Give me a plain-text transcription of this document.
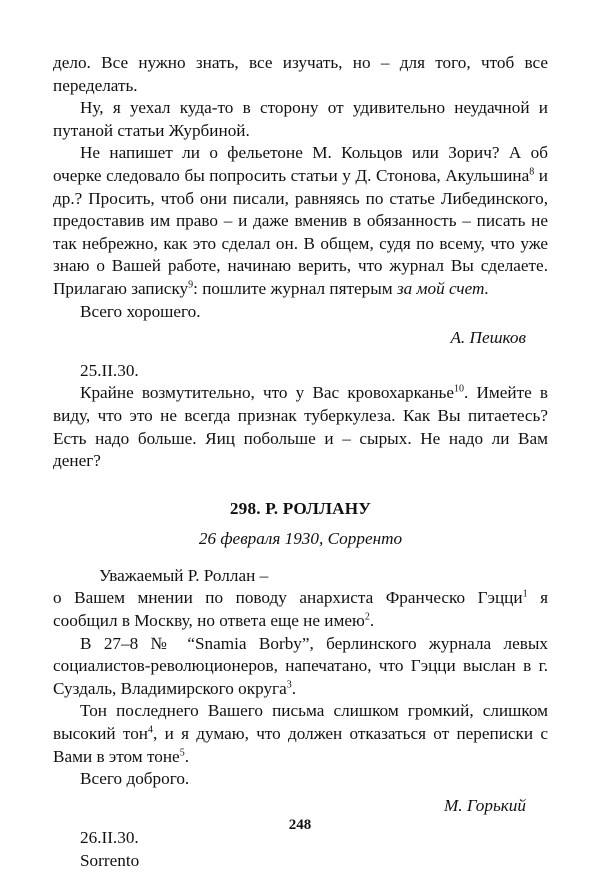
дело. Все нужно знать, все изучать, но – для того, чтоб все переделать.

Ну, я уехал куда-то в сторону от удивительно неудачной и путаной статьи Журбиной.

Не напишет ли о фельетоне М. Кольцов или Зорич? А об очерке следовало бы попросить статьи у Д. Стонова, Акульшина$^8$ и др.? Просить, чтоб они писали, равняясь по статье Либединского, предоставив им право – и даже вменив в обязанность – писать не так небрежно, как это сделал он. В общем, судя по всему, что уже знаю о Вашей работе, начинаю верить, что журнал Вы сделаете. Прилагаю записку$^9$: пошлите журнал пятерым за мой счет.

Всего хорошего.

А. Пешков

25.II.30.

Крайне возмутительно, что у Вас кровохарканье$^{10}$. Имейте в виду, что это не всегда признак туберкулеза. Как Вы питаетесь? Есть надо больше. Яиц побольше и – сырых. Не надо ли Вам денег?

298. Р. РОЛЛАНУ

26 февраля 1930, Сорренто

Уважаемый Р. Роллан –

о Вашем мнении по поводу анархиста Франческо Гэцци$^1$ я сообщил в Москву, но ответа еще не имею$^2$.

В 27–8 № “Snamia Borby”, берлинского журнала левых социалистов-революционеров, напечатано, что Гэцци выслан в г. Суздаль, Владимирского округа$^3$.

Тон последнего Вашего письма слишком громкий, слишком высокий тон$^4$, и я думаю, что должен отказаться от переписки с Вами в этом тоне$^5$.

Всего доброго.

М. Горький

26.II.30.

Sorrento

248
